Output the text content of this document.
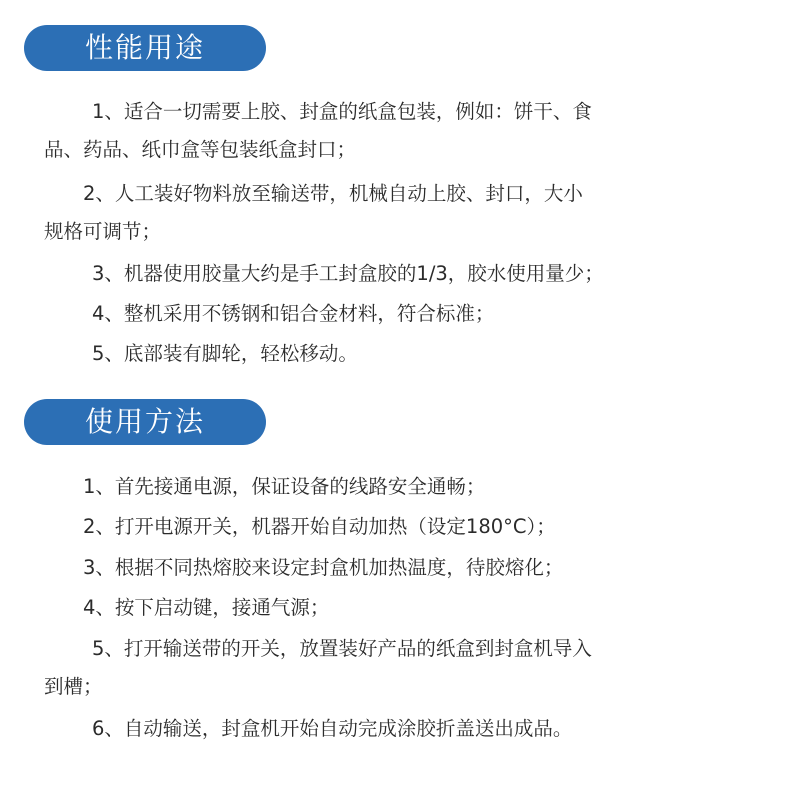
性能用途
1、适合一切需要上胶、封盒的纸盒包装，例如：饼干、食
品、药品、纸巾盒等包装纸盒封口；
2、人工装好物料放至输送带，机械自动上胶、封口，大小
规格可调节；
3、机器使用胶量大约是手工封盒胶的1/3，胶水使用量少；
4、整机采用不锈钢和铝合金材料，符合标准；
5、底部装有脚轮，轻松移动。
使用方法
1、首先接通电源，保证设备的线路安全通畅；
2、打开电源开关，机器开始自动加热（设定180°C）；
3、根据不同热熔胶来设定封盒机加热温度，待胶熔化；
4、按下启动键，接通气源；
5、打开输送带的开关，放置装好产品的纸盒到封盒机导入
到槽；
6、自动输送，封盒机开始自动完成涂胶折盖送出成品。
